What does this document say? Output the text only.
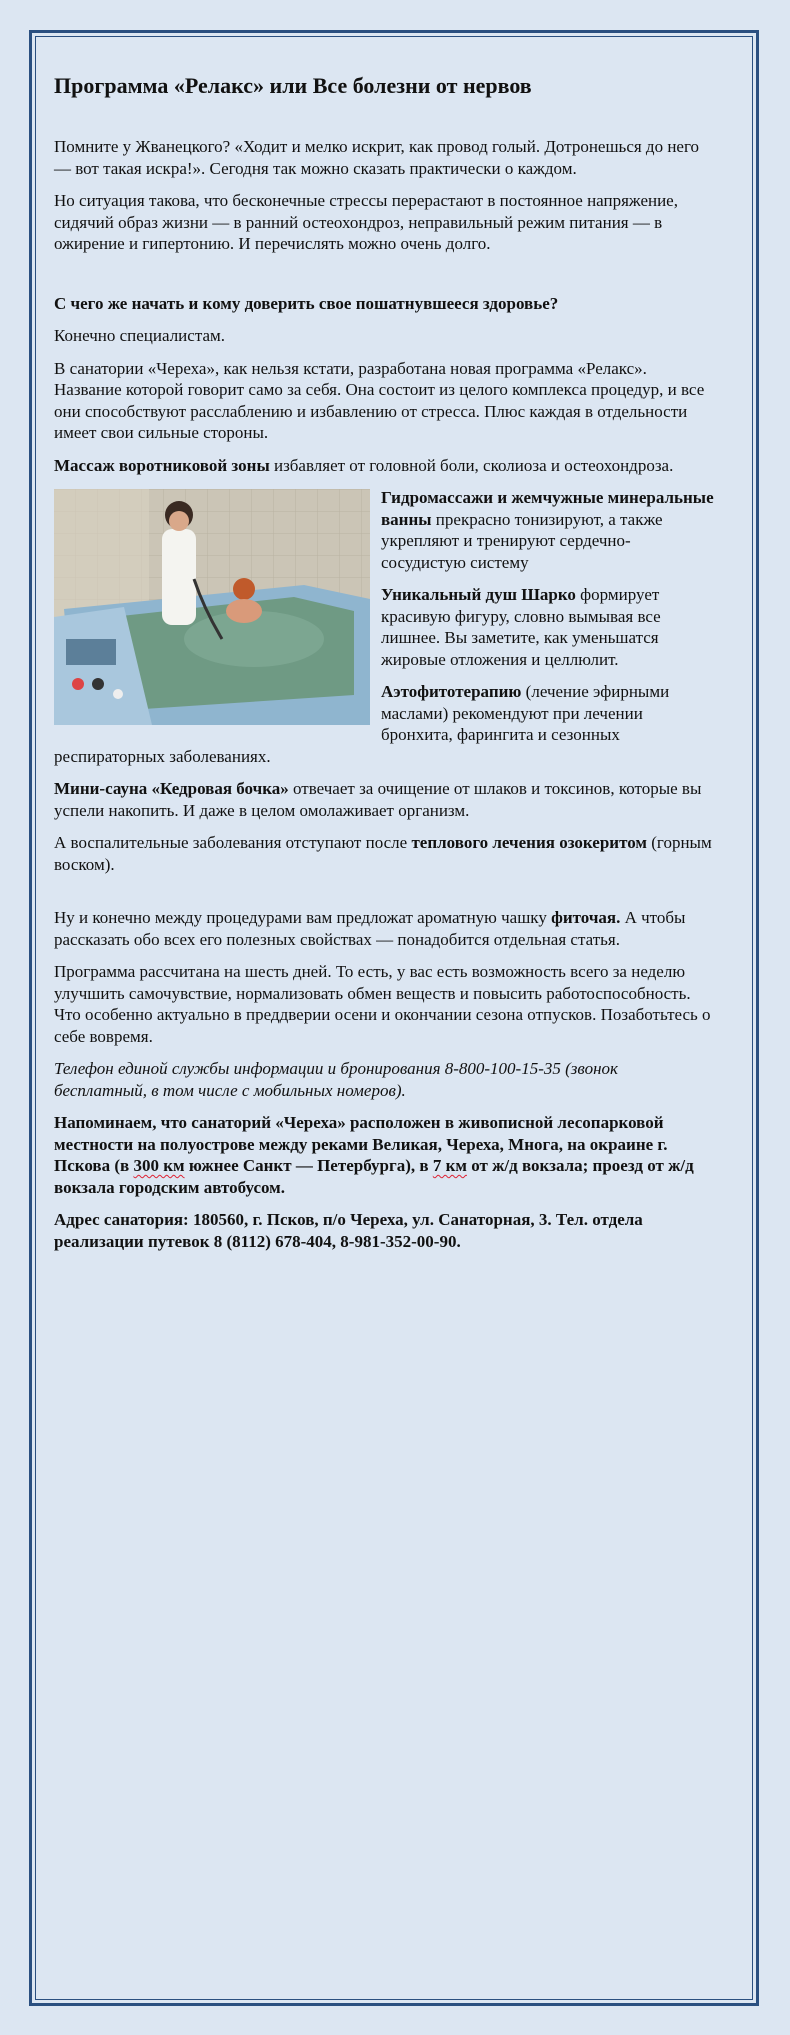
Программа «Релакс» или Все болезни от нервов

Помните у Жванецкого? «Ходит и мелко искрит, как провод голый. Дотронешься до него — вот такая искра!». Сегодня так можно сказать практически о каждом.

Но ситуация такова, что бесконечные стрессы перерастают в постоянное напряжение, сидячий образ жизни — в ранний остеохондроз, неправильный режим питания — в ожирение и гипертонию. И перечислять можно очень долго.

С чего же начать и кому доверить свое пошатнувшееся здоровье?

Конечно специалистам.

В санатории «Череха», как нельзя кстати, разработана новая программа «Релакс». Название которой говорит само за себя. Она состоит из целого комплекса процедур, и все они способствуют расслаблению и избавлению от стресса. Плюс каждая в отдельности имеет свои сильные стороны.

Массаж воротниковой зоны избавляет от головной боли, сколиоза и остеохондроза.

Гидромассажи и жемчужные минеральные ванны прекрасно тонизируют, а также укрепляют и тренируют сердечно-сосудистую систему

Уникальный душ Шарко формирует красивую фигуру, словно вымывая все лишнее. Вы заметите, как уменьшатся жировые отложения и целлюлит.

Аэтофитотерапию (лечение эфирными маслами) рекомендуют при лечении бронхита, фарингита и сезонных респираторных заболеваниях.

Мини-сауна «Кедровая бочка» отвечает за очищение от шлаков и токсинов, которые вы успели накопить. И даже в целом омолаживает организм.

А воспалительные заболевания отступают после теплового лечения озокеритом (горным воском).

Ну и конечно между процедурами вам предложат ароматную чашку фиточая. А чтобы рассказать обо всех его полезных свойствах — понадобится отдельная статья.

Программа рассчитана на шесть дней. То есть, у вас есть возможность всего за неделю улучшить самочувствие, нормализовать обмен веществ и повысить работоспособность. Что особенно актуально в преддверии осени и окончании сезона отпусков. Позаботьтесь о себе вовремя.

Телефон единой службы информации и бронирования 8-800-100-15-35 (звонок бесплатный, в том числе с мобильных номеров).

Напоминаем, что санаторий «Череха» расположен в живописной лесопарковой местности на полуострове между реками Великая, Череха, Многа, на окраине г. Пскова (в 300 км южнее Санкт — Петербурга), в 7 км от ж/д вокзала; проезд от ж/д вокзала городским автобусом.

Адрес санатория: 180560, г. Псков, п/о Череха, ул. Санаторная, 3. Тел. отдела реализации путевок 8 (8112) 678-404, 8-981-352-00-90.
